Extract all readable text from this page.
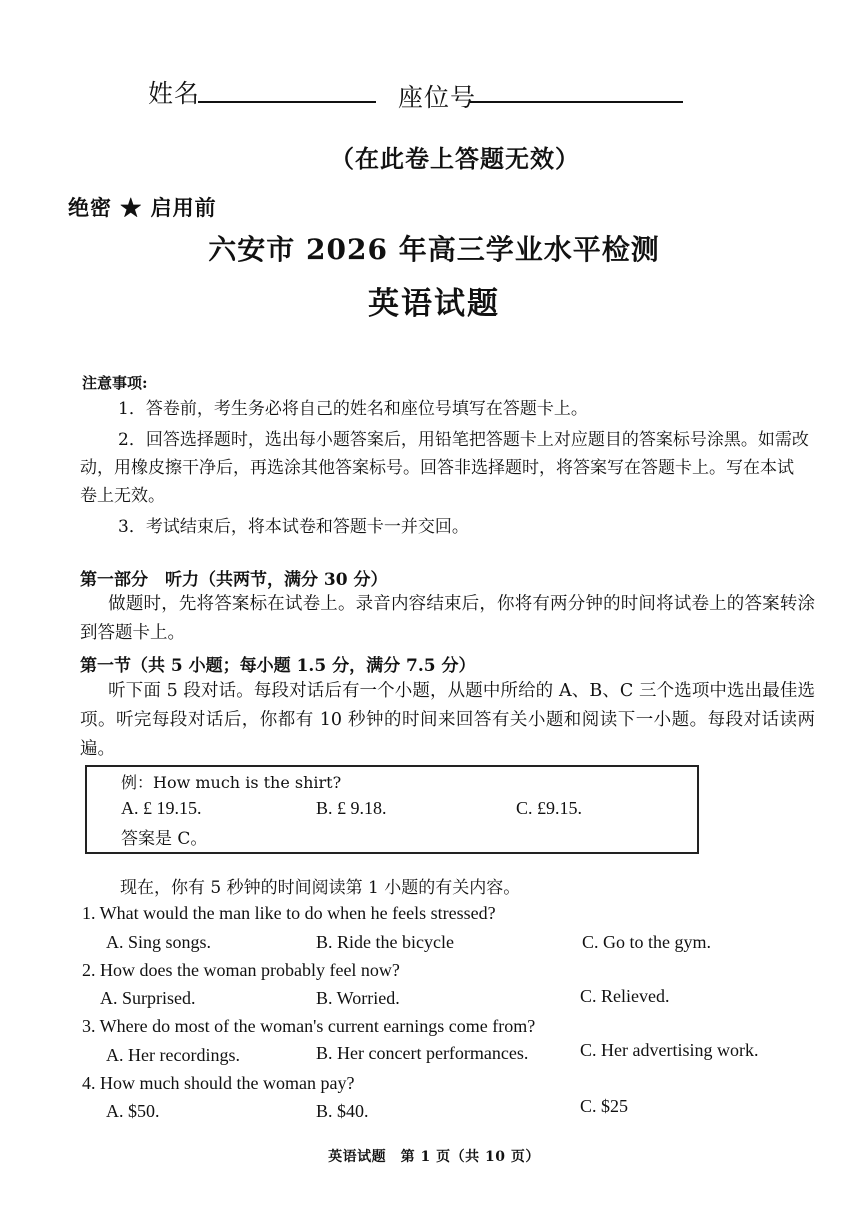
姓名	座位号
（在此卷上答题无效）
绝密 ★ 启用前
六安市 2026 年高三学业水平检测
英语试题
注意事项:
1．答卷前，考生务必将自己的姓名和座位号填写在答题卡上。
2．回答选择题时，选出每小题答案后，用铅笔把答题卡上对应题目的答案标号涂黑。如需改
动，用橡皮擦干净后，再选涂其他答案标号。回答非选择题时，将答案写在答题卡上。写在本试
卷上无效。
3．考试结束后，将本试卷和答题卡一并交回。
第一部分　听力（共两节，满分 30 分）
做题时，先将答案标在试卷上。录音内容结束后，你将有两分钟的时间将试卷上的答案转涂到答题卡上。
第一节（共 5 小题；每小题 1.5 分，满分 7.5 分）
听下面 5 段对话。每段对话后有一个小题，从题中所给的 A、B、C 三个选项中选出最佳选项。听完每段对话后，你都有 10 秒钟的时间来回答有关小题和阅读下一小题。每段对话读两遍。
例：How much is the shirt?
A. £ 19.15.	B. £ 9.18.	C. £9.15.
答案是 C。
现在，你有 5 秒钟的时间阅读第 1 小题的有关内容。
1. What would the man like to do when he feels stressed?
A. Sing songs.	B. Ride the bicycle	C. Go to the gym.
2. How does the woman probably feel now?
A. Surprised.	B. Worried.	C. Relieved.
3. Where do most of the woman's current earnings come from?
A. Her recordings.	B. Her concert performances.	C. Her advertising work.
4. How much should the woman pay?
A. $50.	B. $40.	C. $25
英语试题　第 1 页（共 10 页）
